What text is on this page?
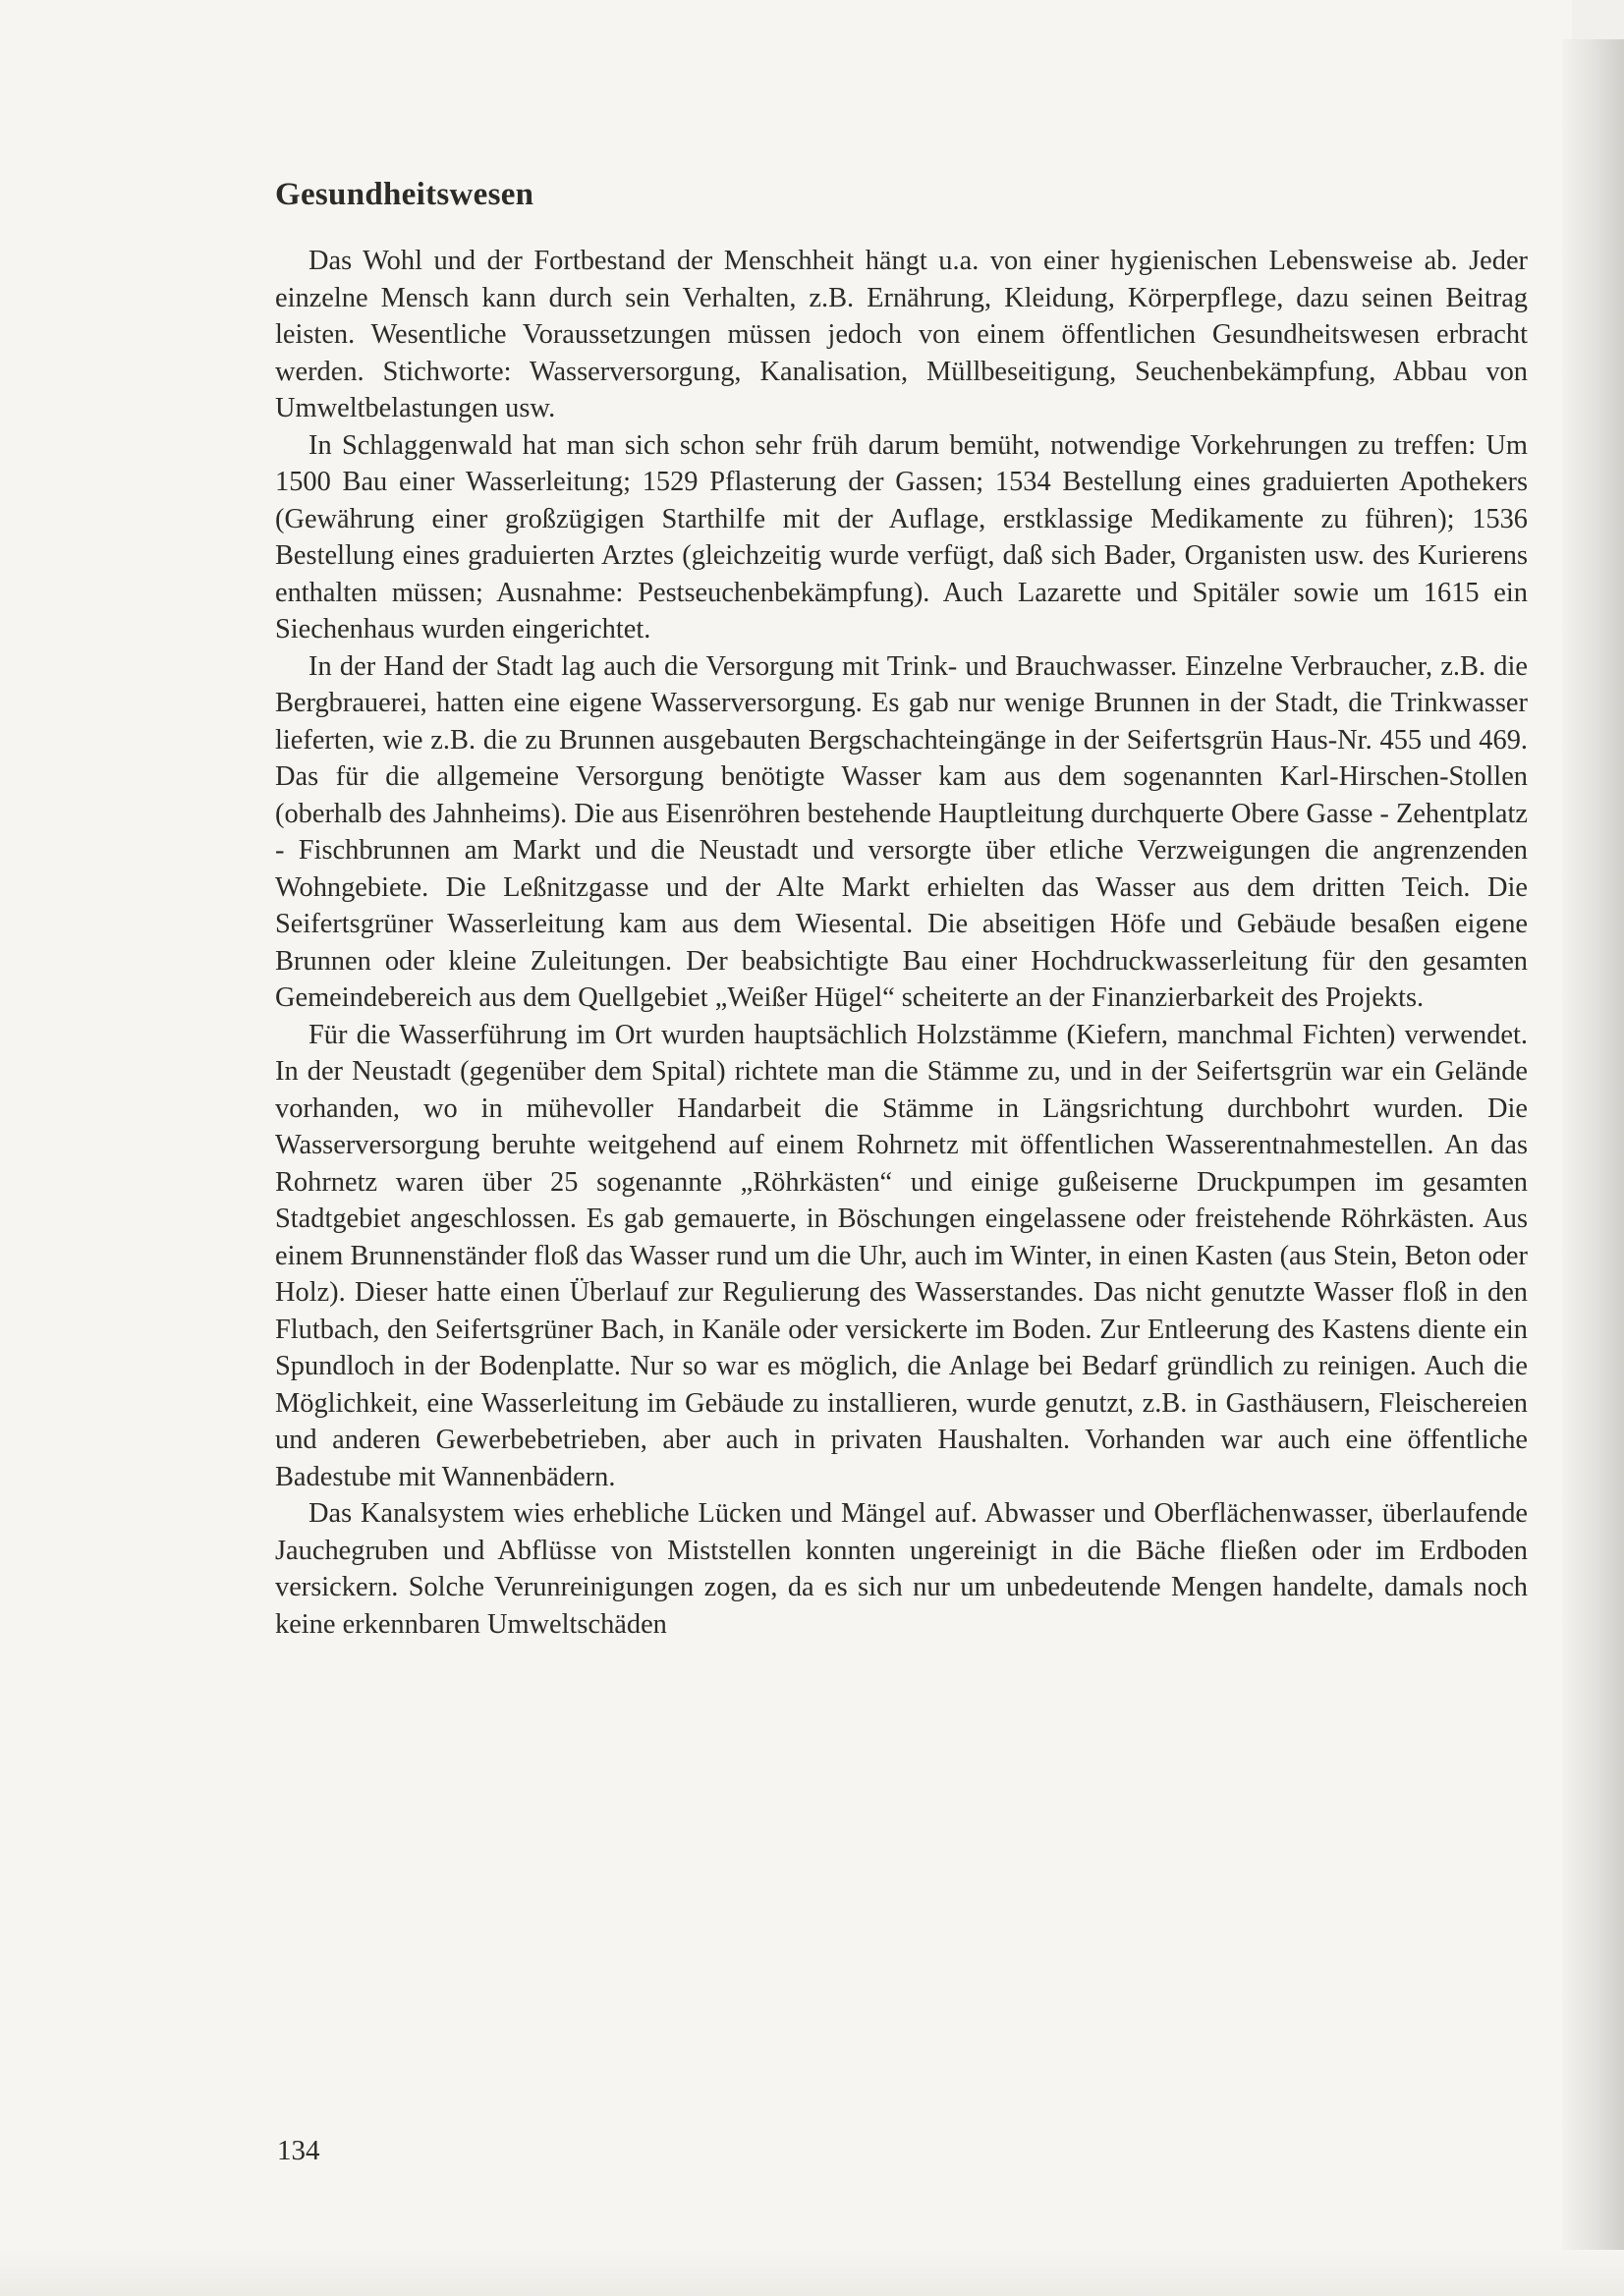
Gesundheitswesen

Das Wohl und der Fortbestand der Menschheit hängt u.a. von einer hygienischen Lebensweise ab. Jeder einzelne Mensch kann durch sein Verhalten, z.B. Ernährung, Kleidung, Körperpflege, dazu seinen Beitrag leisten. Wesentliche Voraussetzungen müssen jedoch von einem öffentlichen Gesundheitswesen erbracht werden. Stichworte: Wasserversorgung, Kanalisation, Müllbeseitigung, Seuchenbekämpfung, Abbau von Umweltbelastungen usw.

In Schlaggenwald hat man sich schon sehr früh darum bemüht, notwendige Vorkehrungen zu treffen: Um 1500 Bau einer Wasserleitung; 1529 Pflasterung der Gassen; 1534 Bestellung eines graduierten Apothekers (Gewährung einer großzügigen Starthilfe mit der Auflage, erstklassige Medikamente zu führen); 1536 Bestellung eines graduierten Arztes (gleichzeitig wurde verfügt, daß sich Bader, Organisten usw. des Kurierens enthalten müssen; Ausnahme: Pestseuchenbekämpfung). Auch Lazarette und Spitäler sowie um 1615 ein Siechenhaus wurden eingerichtet.

In der Hand der Stadt lag auch die Versorgung mit Trink- und Brauchwasser. Einzelne Verbraucher, z.B. die Bergbrauerei, hatten eine eigene Wasserversorgung. Es gab nur wenige Brunnen in der Stadt, die Trinkwasser lieferten, wie z.B. die zu Brunnen ausgebauten Bergschachteingänge in der Seifertsgrün Haus-Nr. 455 und 469. Das für die allgemeine Versorgung benötigte Wasser kam aus dem sogenannten Karl-Hirschen-Stollen (oberhalb des Jahnheims). Die aus Eisenröhren bestehende Hauptleitung durchquerte Obere Gasse - Zehentplatz - Fischbrunnen am Markt und die Neustadt und versorgte über etliche Verzweigungen die angrenzenden Wohngebiete. Die Leßnitzgasse und der Alte Markt erhielten das Wasser aus dem dritten Teich. Die Seifertsgrüner Wasserleitung kam aus dem Wiesental. Die abseitigen Höfe und Gebäude besaßen eigene Brunnen oder kleine Zuleitungen. Der beabsichtigte Bau einer Hochdruckwasserleitung für den gesamten Gemeindebereich aus dem Quellgebiet „Weißer Hügel“ scheiterte an der Finanzierbarkeit des Projekts.

Für die Wasserführung im Ort wurden hauptsächlich Holzstämme (Kiefern, manchmal Fichten) verwendet. In der Neustadt (gegenüber dem Spital) richtete man die Stämme zu, und in der Seifertsgrün war ein Gelände vorhanden, wo in mühevoller Handarbeit die Stämme in Längsrichtung durchbohrt wurden. Die Wasserversorgung beruhte weitgehend auf einem Rohrnetz mit öffentlichen Wasserentnahmestellen. An das Rohrnetz waren über 25 sogenannte „Röhrkästen“ und einige gußeiserne Druckpumpen im gesamten Stadtgebiet angeschlossen. Es gab gemauerte, in Böschungen eingelassene oder freistehende Röhrkästen. Aus einem Brunnenständer floß das Wasser rund um die Uhr, auch im Winter, in einen Kasten (aus Stein, Beton oder Holz). Dieser hatte einen Überlauf zur Regulierung des Wasserstandes. Das nicht genutzte Wasser floß in den Flutbach, den Seifertsgrüner Bach, in Kanäle oder versickerte im Boden. Zur Entleerung des Kastens diente ein Spundloch in der Bodenplatte. Nur so war es möglich, die Anlage bei Bedarf gründlich zu reinigen. Auch die Möglichkeit, eine Wasserleitung im Gebäude zu installieren, wurde genutzt, z.B. in Gasthäusern, Fleischereien und anderen Gewerbebetrieben, aber auch in privaten Haushalten. Vorhanden war auch eine öffentliche Badestube mit Wannenbädern.

Das Kanalsystem wies erhebliche Lücken und Mängel auf. Abwasser und Oberflächenwasser, überlaufende Jauchegruben und Abflüsse von Miststellen konnten ungereinigt in die Bäche fließen oder im Erdboden versickern. Solche Verunreinigungen zogen, da es sich nur um unbedeutende Mengen handelte, damals noch keine erkennbaren Umweltschäden

134
